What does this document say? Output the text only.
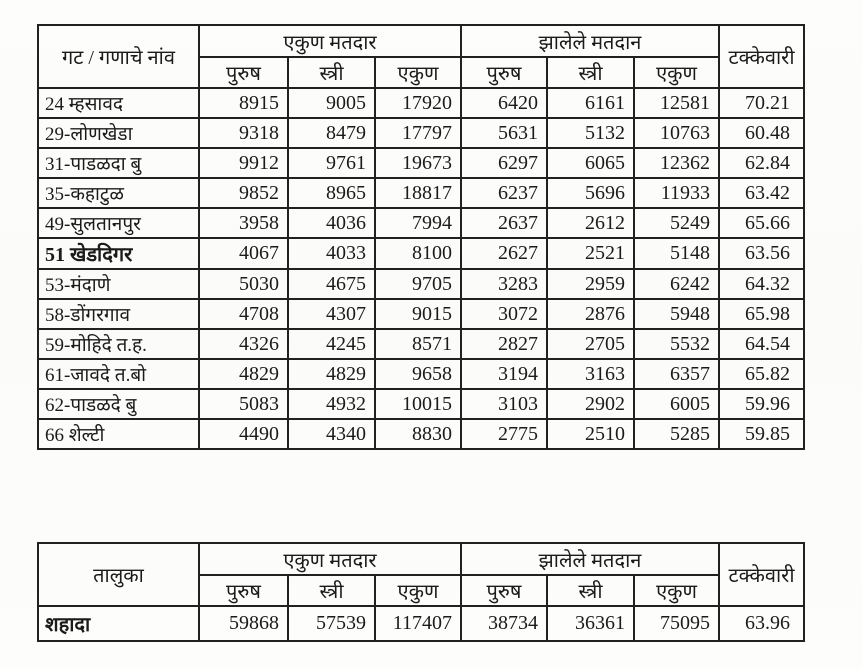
गट / गणाचे नांव	एकुण मतदार			झालेले मतदान			टक्केवारी
	पुरुष	स्त्री	एकुण	पुरुष	स्त्री	एकुण	
24 म्हसावद	8915	9005	17920	6420	6161	12581	70.21
29-लोणखेडा	9318	8479	17797	5631	5132	10763	60.48
31-पाडळदा बु	9912	9761	19673	6297	6065	12362	62.84
35-कहाटुळ	9852	8965	18817	6237	5696	11933	63.42
49-सुलतानपुर	3958	4036	7994	2637	2612	5249	65.66
51 खेडदिगर	4067	4033	8100	2627	2521	5148	63.56
53-मंदाणे	5030	4675	9705	3283	2959	6242	64.32
58-डोंगरगाव	4708	4307	9015	3072	2876	5948	65.98
59-मोहिदे त.ह.	4326	4245	8571	2827	2705	5532	64.54
61-जावदे त.बो	4829	4829	9658	3194	3163	6357	65.82
62-पाडळदे बु	5083	4932	10015	3103	2902	6005	59.96
66 शेल्टी	4490	4340	8830	2775	2510	5285	59.85
तालुका	एकुण मतदार			झालेले मतदान			टक्केवारी
	पुरुष	स्त्री	एकुण	पुरुष	स्त्री	एकुण	
शहादा	59868	57539	117407	38734	36361	75095	63.96
